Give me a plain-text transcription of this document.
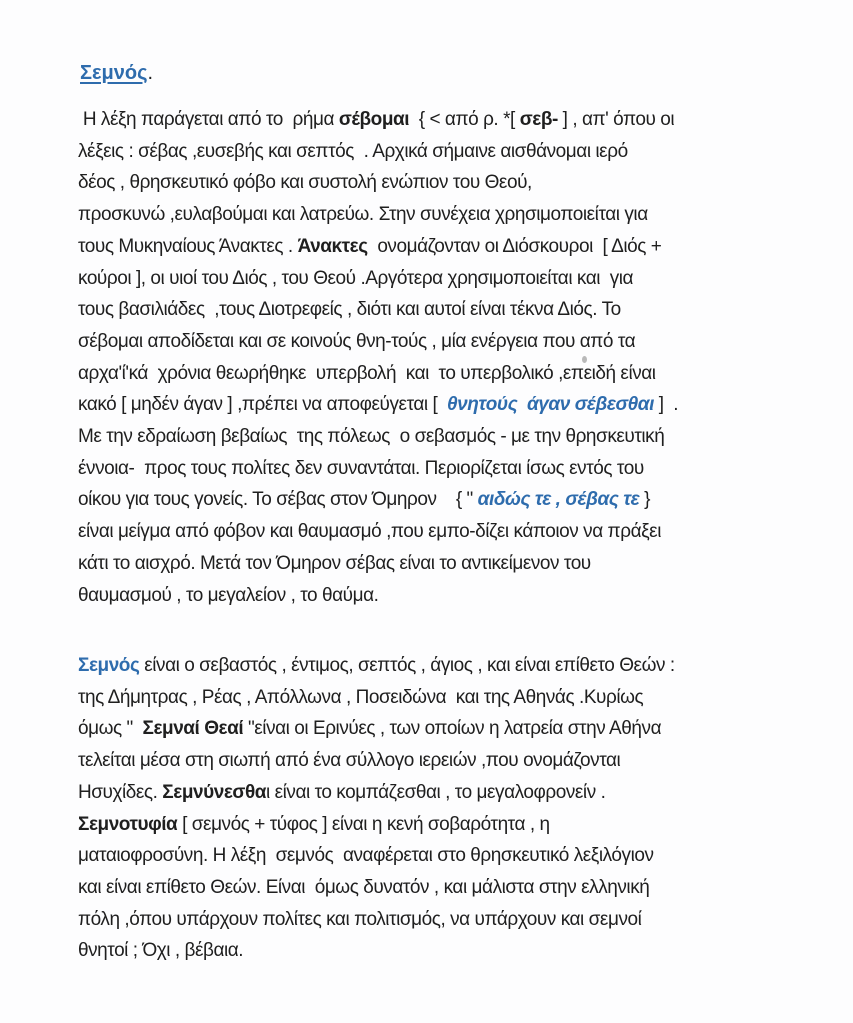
Σεμνός.
Η λέξη παράγεται από το  ρήμα σέβομαι  { < από ρ. *[ σεβ- ] , απ' όπου οι
λέξεις : σέβας ,ευσεβής και σεπτός  . Αρχικά σήμαινε αισθάνομαι ιερό
δέος , θρησκευτικό φόβο και συστολή ενώπιον του Θεού,
προσκυνώ ,ευλαβούμαι και λατρεύω. Στην συνέχεια χρησιμοποιείται για
τους Μυκηναίους Άνακτες . Άνακτες  ονομάζονταν οι Διόσκουροι  [ Διός +
κούροι ], οι υιοί του Διός , του Θεού .Αργότερα χρησιμοποιείται και  για
τους βασιλιάδες  ,τους Διοτρεφείς , διότι και αυτοί είναι τέκνα Διός. Το
σέβομαι αποδίδεται και σε κοινούς θνη-τούς , μία ενέργεια που από τα
αρχα'ί'κά  χρόνια θεωρήθηκε  υπερβολή  και  το υπερβολικό ,επειδή είναι
κακό [ μηδέν άγαν ] ,πρέπει να αποφεύγεται [  θνητούς  άγαν σέβεσθαι ]  .
Με την εδραίωση βεβαίως  της πόλεως  ο σεβασμός - με την θρησκευτική
έννοια-  προς τους πολίτες δεν συναντάται. Περιορίζεται ίσως εντός του
οίκου για τους γονείς. Το σέβας στον Όμηρον    { " αιδώς τε , σέβας τε }
είναι μείγμα από φόβον και θαυμασμό ,που εμπο-δίζει κάποιον να πράξει
κάτι το αισχρό. Μετά τον Όμηρον σέβας είναι το αντικείμενον του
θαυμασμού , το μεγαλείον , το θαύμα.
Σεμνός είναι ο σεβαστός , έντιμος, σεπτός , άγιος , και είναι επίθετο Θεών :
της Δήμητρας , Ρέας , Απόλλωνα , Ποσειδώνα  και της Αθηνάς .Κυρίως
όμως "  Σεμναί Θεαί "είναι οι Ερινύες , των οποίων η λατρεία στην Αθήνα
τελείται μέσα στη σιωπή από ένα σύλλογο ιερειών ,που ονομάζονται
Ησυχίδες. Σεμνύνεσθαι είναι το κομπάζεσθαι , το μεγαλοφρονείν .
Σεμνοτυφία [ σεμνός + τύφος ] είναι η κενή σοβαρότητα , η
ματαιοφροσύνη. Η λέξη  σεμνός  αναφέρεται στο θρησκευτικό λεξιλόγιον
και είναι επίθετο Θεών. Είναι  όμως δυνατόν , και μάλιστα στην ελληνική
πόλη ,όπου υπάρχουν πολίτες και πολιτισμός, να υπάρχουν και σεμνοί
θνητοί ; Όχι , βέβαια.
